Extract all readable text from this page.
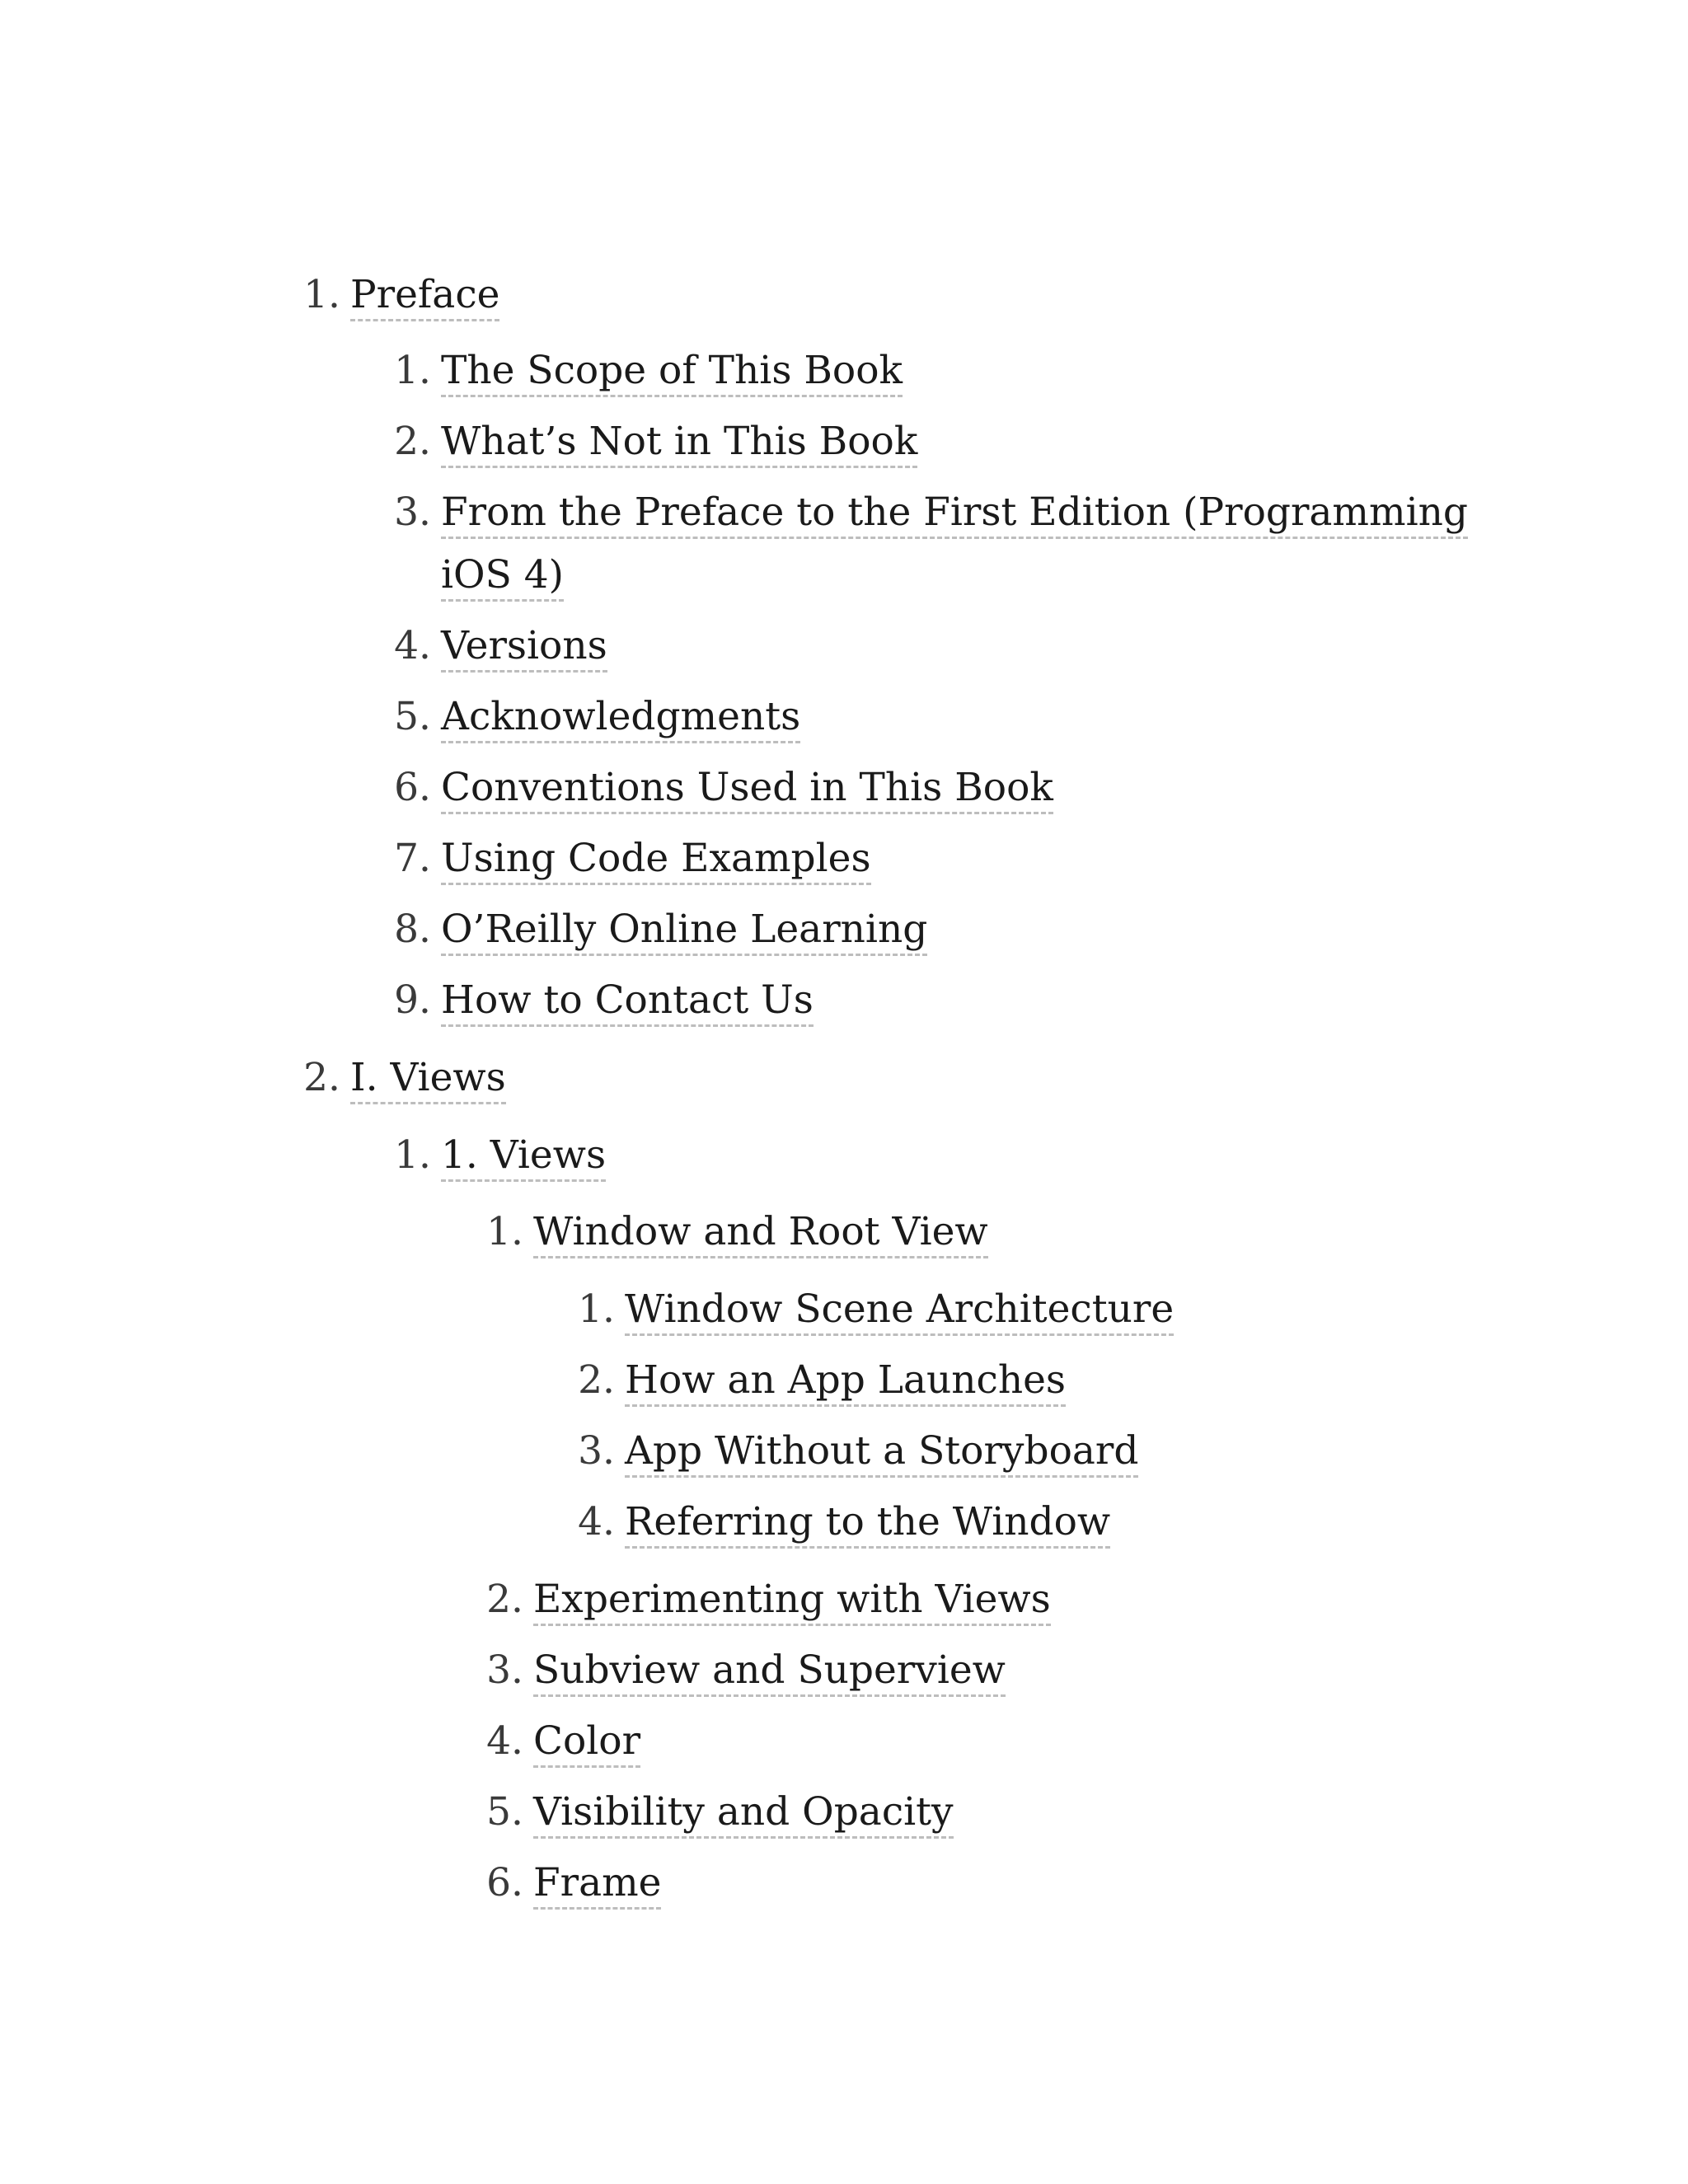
1. Preface
1. The Scope of This Book
2. What’s Not in This Book
3. From the Preface to the First Edition (Programming
iOS 4)
4. Versions
5. Acknowledgments
6. Conventions Used in This Book
7. Using Code Examples
8. O’Reilly Online Learning
9. How to Contact Us
2. I. Views
1. 1. Views
1. Window and Root View
1. Window Scene Architecture
2. How an App Launches
3. App Without a Storyboard
4. Referring to the Window
2. Experimenting with Views
3. Subview and Superview
4. Color
5. Visibility and Opacity
6. Frame
